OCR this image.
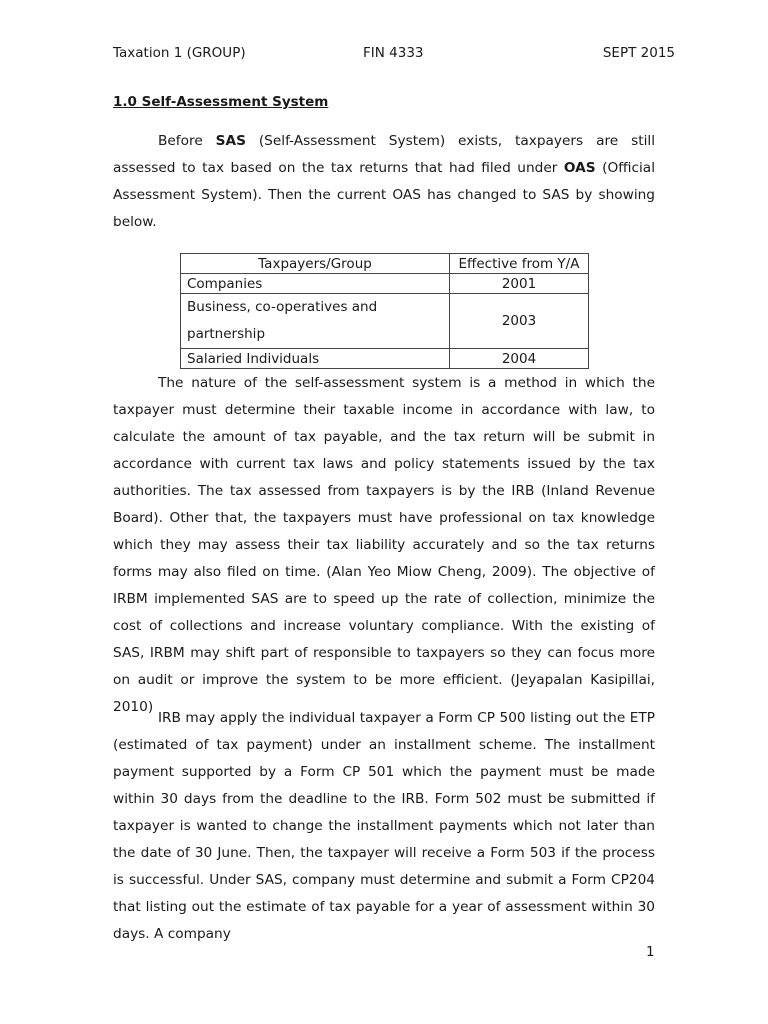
Taxation 1 (GROUP)	FIN 4333	SEPT 2015
1.0 Self-Assessment System

Before SAS (Self-Assessment System) exists, taxpayers are still assessed to tax based on the tax returns that had filed under OAS (Official Assessment System). Then the current OAS has changed to SAS by showing below.

Taxpayers/Group	Effective from Y/A
Companies	2001
Business, co-operatives and partnership	2003
Salaried Individuals	2004

The nature of the self-assessment system is a method in which the taxpayer must determine their taxable income in accordance with law, to calculate the amount of tax payable, and the tax return will be submit in accordance with current tax laws and policy statements issued by the tax authorities. The tax assessed from taxpayers is by the IRB (Inland Revenue Board). Other that, the taxpayers must have professional on tax knowledge which they may assess their tax liability accurately and so the tax returns forms may also filed on time. (Alan Yeo Miow Cheng, 2009). The objective of IRBM implemented SAS are to speed up the rate of collection, minimize the cost of collections and increase voluntary compliance. With the existing of SAS, IRBM may shift part of responsible to taxpayers so they can focus more on audit or improve the system to be more efficient. (Jeyapalan Kasipillai, 2010)

IRB may apply the individual taxpayer a Form CP 500 listing out the ETP (estimated of tax payment) under an installment scheme. The installment payment supported by a Form CP 501 which the payment must be made within 30 days from the deadline to the IRB. Form 502 must be submitted if taxpayer is wanted to change the installment payments which not later than the date of 30 June. Then, the taxpayer will receive a Form 503 if the process is successful. Under SAS, company must determine and submit a Form CP204 that listing out the estimate of tax payable for a year of assessment within 30 days. A company

1
